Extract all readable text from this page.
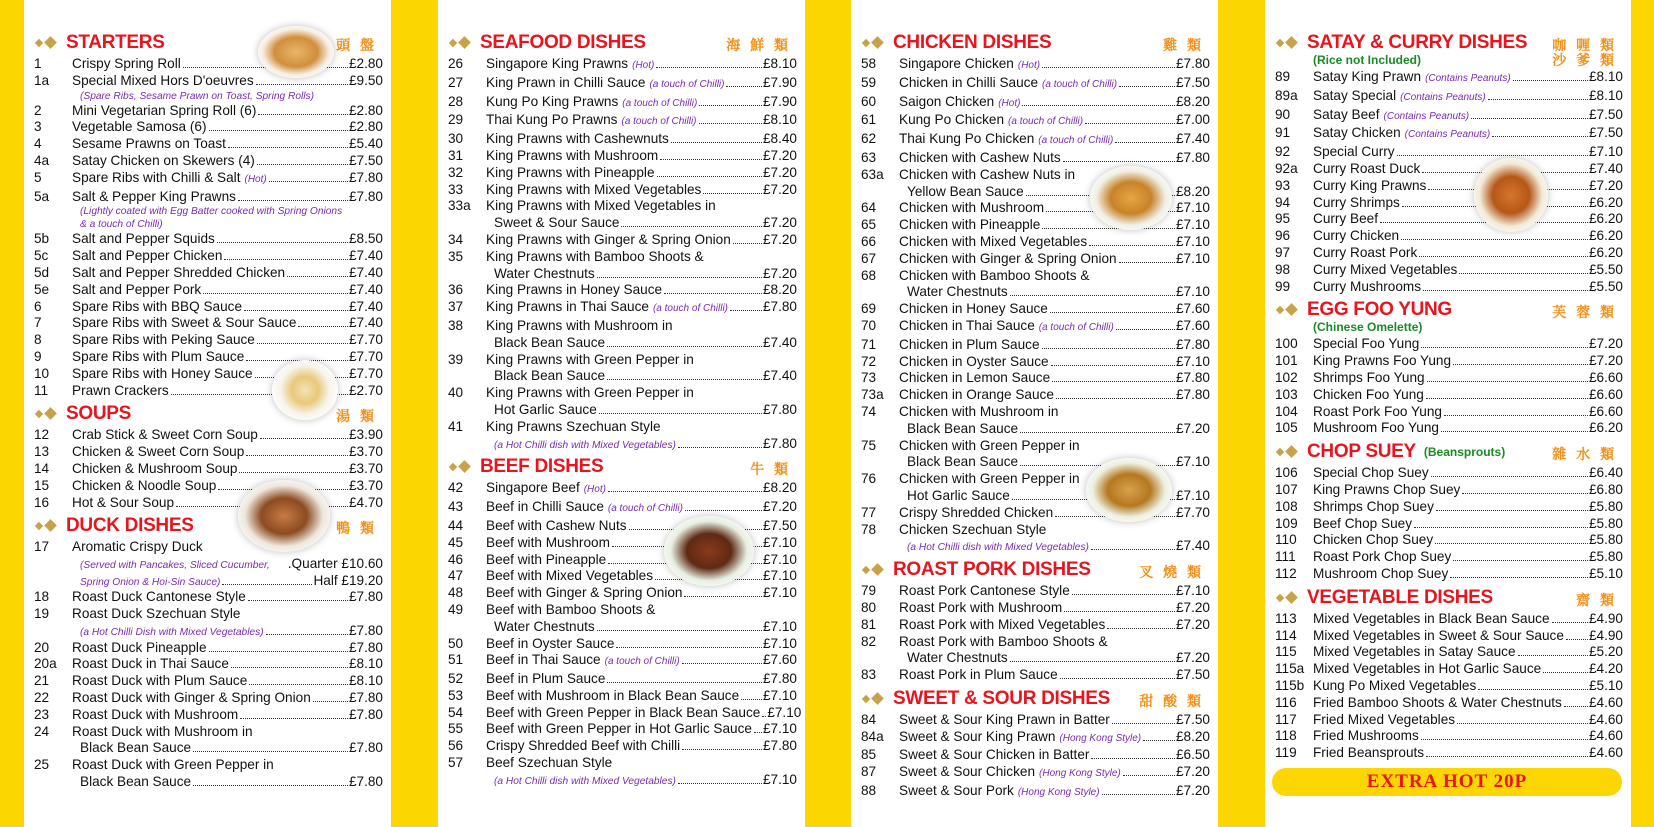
STARTERS	頭 盤
1	Crispy Spring Roll	£2.80
1a	Special Mixed Hors D'oeuvres	£9.50
(Spare Ribs, Sesame Prawn on Toast, Spring Rolls)
2	Mini Vegetarian Spring Roll (6)	£2.80
3	Vegetable Samosa (6)	£2.80
4	Sesame Prawns on Toast	£5.40
4a	Satay Chicken on Skewers (4)	£7.50
5	Spare Ribs with Chilli & Salt (Hot)	£7.80
5a	Salt & Pepper King Prawns	£7.80
(Lightly coated with Egg Batter cooked with Spring Onions
& a touch of Chilli)
5b	Salt and Pepper Squids	£8.50
5c	Salt and Pepper Chicken	£7.40
5d	Salt and Pepper Shredded Chicken	£7.40
5e	Salt and Pepper Pork	£7.40
6	Spare Ribs with BBQ Sauce	£7.40
7	Spare Ribs with Sweet & Sour Sauce	£7.40
8	Spare Ribs with Peking Sauce	£7.70
9	Spare Ribs with Plum Sauce	£7.70
10	Spare Ribs with Honey Sauce	£7.70
11	Prawn Crackers	£2.70
SOUPS	湯 類
12	Crab Stick & Sweet Corn Soup	£3.90
13	Chicken & Sweet Corn Soup	£3.70
14	Chicken & Mushroom Soup	£3.70
15	Chicken & Noodle Soup	£3.70
16	Hot & Sour Soup	£4.70
DUCK DISHES	鴨 類
17	Aromatic Crispy Duck
(Served with Pancakes, Sliced Cucumber, .Quarter £10.60
Spring Onion & Hoi-Sin Sauce)	Half £19.20
18	Roast Duck Cantonese Style	£7.80
19	Roast Duck Szechuan Style
(a Hot Chilli Dish with Mixed Vegetables)	£7.80
20	Roast Duck Pineapple	£7.80
20a	Roast Duck in Thai Sauce	£8.10
21	Roast Duck with Plum Sauce	£8.10
22	Roast Duck with Ginger & Spring Onion	£7.80
23	Roast Duck with Mushroom	£7.80
24	Roast Duck with Mushroom in
Black Bean Sauce	£7.80
25	Roast Duck with Green Pepper in
Black Bean Sauce	£7.80
SEAFOOD DISHES	海 鮮 類
26	Singapore King Prawns (Hot)	£8.10
27	King Prawn in Chilli Sauce (a touch of Chilli)	£7.90
28	Kung Po King Prawns (a touch of Chilli)	£7.90
29	Thai Kung Po Prawns (a touch of Chilli)	£8.10
30	King Prawns with Cashewnuts	£8.40
31	King Prawns with Mushroom	£7.20
32	King Prawns with Pineapple	£7.20
33	King Prawns with Mixed Vegetables	£7.20
33a	King Prawns with Mixed Vegetables in
Sweet & Sour Sauce	£7.20
34	King Prawns with Ginger & Spring Onion £7.20
35	King Prawns with Bamboo Shoots &
Water Chestnuts	£7.20
36	King Prawns in Honey Sauce	£8.20
37	King Prawns in Thai Sauce (a touch of Chilli)	£7.80
38	King Prawns with Mushroom in
Black Bean Sauce	£7.40
39	King Prawns with Green Pepper in
Black Bean Sauce	£7.40
40	King Prawns with Green Pepper in
Hot Garlic Sauce	£7.80
41	King Prawns Szechuan Style
(a Hot Chilli dish with Mixed Vegetables)	£7.80
BEEF DISHES	牛 類
42	Singapore Beef (Hot)	£8.20
43	Beef in Chilli Sauce (a touch of Chilli)	£7.20
44	Beef with Cashew Nuts	£7.50
45	Beef with Mushroom	£7.10
46	Beef with Pineapple	£7.10
47	Beef with Mixed Vegetables	£7.10
48	Beef with Ginger & Spring Onion	£7.10
49	Beef with Bamboo Shoots &
Water Chestnuts	£7.10
50	Beef in Oyster Sauce	£7.10
51	Beef in Thai Sauce (a touch of Chilli)	£7.60
52	Beef in Plum Sauce	£7.80
53	Beef with Mushroom in Black Bean Sauce £7.10
54	Beef with Green Pepper in Black Bean Sauce £7.10
55	Beef with Green Pepper in Hot Garlic Sauce £7.10
56	Crispy Shredded Beef with Chilli	£7.80
57	Beef Szechuan Style
(a Hot Chilli dish with Mixed Vegetables)	£7.10
CHICKEN DISHES	雞 類
58	Singapore Chicken (Hot)	£7.80
59	Chicken in Chilli Sauce (a touch of Chilli)	£7.50
60	Saigon Chicken (Hot)	£8.20
61	Kung Po Chicken (a touch of Chilli)	£7.00
62	Thai Kung Po Chicken (a touch of Chilli)	£7.40
63	Chicken with Cashew Nuts	£7.80
63a	Chicken with Cashew Nuts in
Yellow Bean Sauce	£8.20
64	Chicken with Mushroom	£7.10
65	Chicken with Pineapple	£7.10
66	Chicken with Mixed Vegetables	£7.10
67	Chicken with Ginger & Spring Onion	£7.10
68	Chicken with Bamboo Shoots &
Water Chestnuts	£7.10
69	Chicken in Honey Sauce	£7.60
70	Chicken in Thai Sauce (a touch of Chilli)	£7.60
71	Chicken in Plum Sauce	£7.80
72	Chicken in Oyster Sauce	£7.10
73	Chicken in Lemon Sauce	£7.80
73a	Chicken in Orange Sauce	£7.80
74	Chicken with Mushroom in
Black Bean Sauce	£7.20
75	Chicken with Green Pepper in
Black Bean Sauce	£7.10
76	Chicken with Green Pepper in
Hot Garlic Sauce	£7.10
77	Crispy Shredded Chicken	£7.70
78	Chicken Szechuan Style
(a Hot Chilli dish with Mixed Vegetables)	£7.40
ROAST PORK DISHES	叉 燒 類
79	Roast Pork Cantonese Style	£7.10
80	Roast Pork with Mushroom	£7.20
81	Roast Pork with Mixed Vegetables	£7.20
82	Roast Pork with Bamboo Shoots &
Water Chestnuts	£7.20
83	Roast Pork in Plum Sauce	£7.50
SWEET & SOUR DISHES 甜 酸 類
84	Sweet & Sour King Prawn in Batter	£7.50
84a	Sweet & Sour King Prawn (Hong Kong Style)	£8.20
85	Sweet & Sour Chicken in Batter	£6.50
87	Sweet & Sour Chicken (Hong Kong Style)	£7.20
88	Sweet & Sour Pork (Hong Kong Style)	£7.20
SATAY & CURRY DISHES 咖 喱 類
(Rice not Included)	沙 爹 類
89	Satay King Prawn (Contains Peanuts)	£8.10
89a	Satay Special (Contains Peanuts)	£8.10
90	Satay Beef (Contains Peanuts)	£7.50
91	Satay Chicken (Contains Peanuts)	£7.50
92	Special Curry	£7.10
92a	Curry Roast Duck	£7.40
93	Curry King Prawns	£7.20
94	Curry Shrimps	£6.20
95	Curry Beef	£6.20
96	Curry Chicken	£6.20
97	Curry Roast Pork	£6.20
98	Curry Mixed Vegetables	£5.50
99	Curry Mushrooms	£5.50
EGG FOO YUNG	芙 蓉 類
(Chinese Omelette)
100	Special Foo Yung	£7.20
101	King Prawns Foo Yung	£7.20
102	Shrimps Foo Yung	£6.60
103	Chicken Foo Yung	£6.60
104	Roast Pork Foo Yung	£6.60
105	Mushroom Foo Yung	£6.20
CHOP SUEY (Beansprouts)	雜 水 類
106	Special Chop Suey	£6.40
107	King Prawns Chop Suey	£6.80
108	Shrimps Chop Suey	£5.80
109	Beef Chop Suey	£5.80
110	Chicken Chop Suey	£5.80
111	Roast Pork Chop Suey	£5.80
112	Mushroom Chop Suey	£5.10
VEGETABLE DISHES	齋 類
113	Mixed Vegetables in Black Bean Sauce	£4.90
114	Mixed Vegetables in Sweet & Sour Sauce £4.90
115	Mixed Vegetables in Satay Sauce	£5.20
115a Mixed Vegetables in Hot Garlic Sauce	£4.20
115b Kung Po Mixed Vegetables	£5.10
116	Fried Bamboo Shoots & Water Chestnuts £4.60
117	Fried Mixed Vegetables	£4.60
118	Fried Mushrooms	£4.60
119	Fried Beansprouts	£4.60
EXTRA HOT 20P
